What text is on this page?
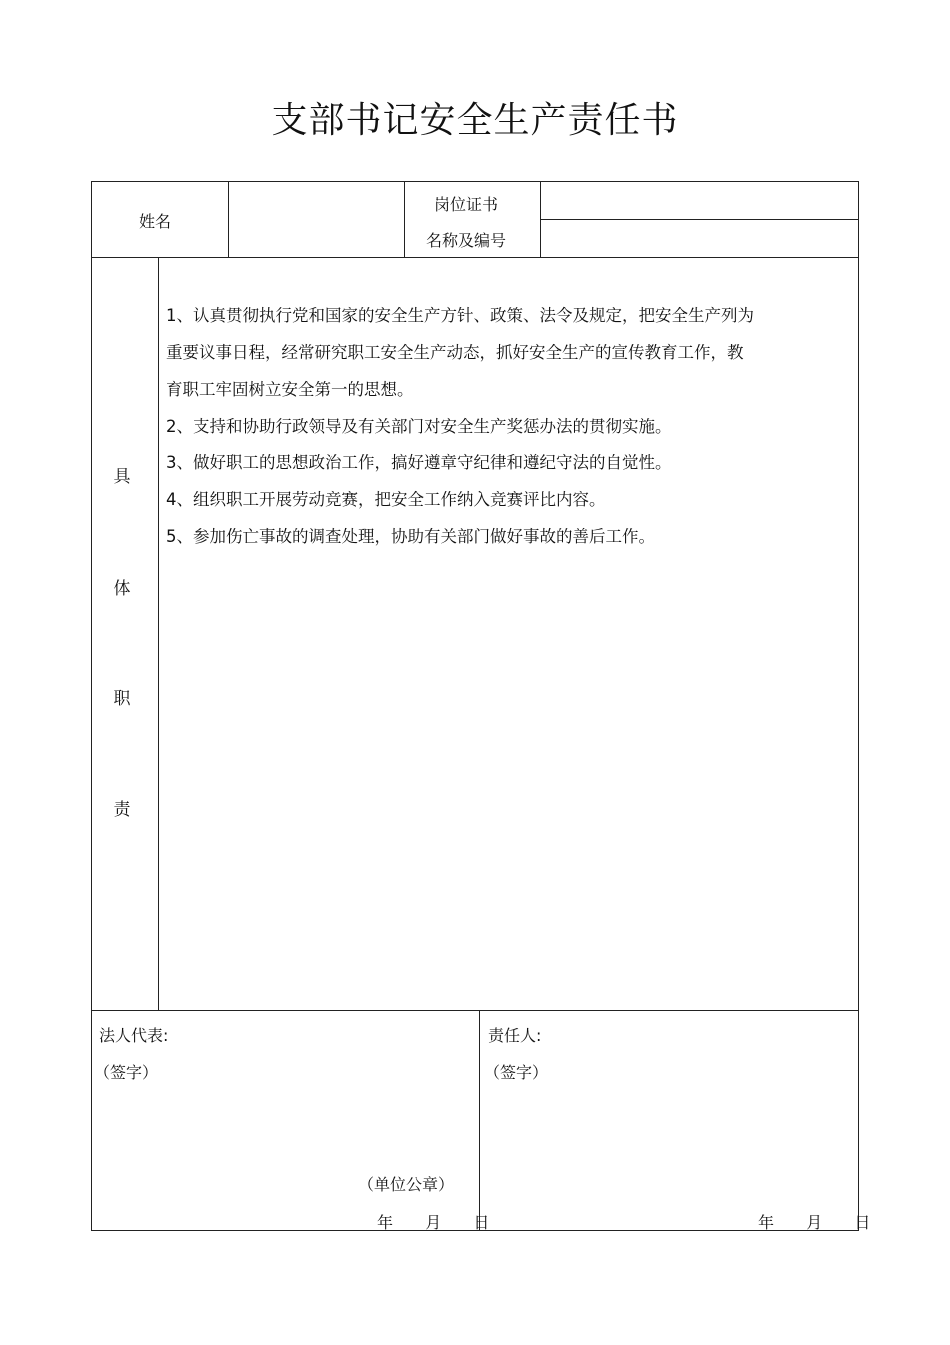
支部书记安全生产责任书
姓名
岗位证书
名称及编号
具
体
职
责
1、认真贯彻执行党和国家的安全生产方针、政策、法令及规定，把安全生产列为
重要议事日程，经常研究职工安全生产动态，抓好安全生产的宣传教育工作，教
育职工牢固树立安全第一的思想。
2、支持和协助行政领导及有关部门对安全生产奖惩办法的贯彻实施。
3、做好职工的思想政治工作，搞好遵章守纪律和遵纪守法的自觉性。
4、组织职工开展劳动竞赛，把安全工作纳入竞赛评比内容。
5、参加伤亡事故的调查处理，协助有关部门做好事故的善后工作。
法人代表:
（签字）
（单位公章）
年 月 日
责任人:
（签字）
年 月 日
